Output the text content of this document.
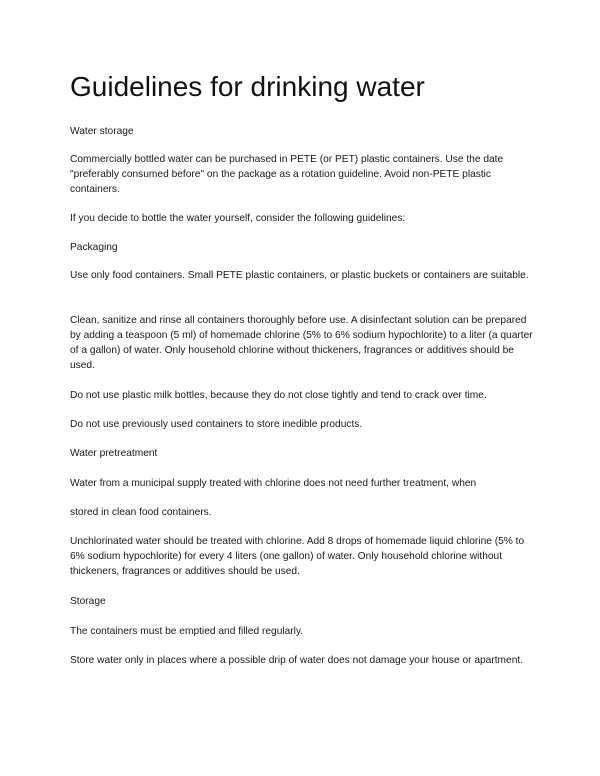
Guidelines for drinking water

Water storage

Commercially bottled water can be purchased in PETE (or PET) plastic containers. Use the date "preferably consumed before" on the package as a rotation guideline. Avoid non-PETE plastic containers.

If you decide to bottle the water yourself, consider the following guidelines:

Packaging

Use only food containers. Small PETE plastic containers, or plastic buckets or containers are suitable.

Clean, sanitize and rinse all containers thoroughly before use. A disinfectant solution can be prepared by adding a teaspoon (5 ml) of homemade chlorine (5% to 6% sodium hypochlorite) to a liter (a quarter of a gallon) of water. Only household chlorine without thickeners, fragrances or additives should be used.

Do not use plastic milk bottles, because they do not close tightly and tend to crack over time.

Do not use previously used containers to store inedible products.

Water pretreatment

Water from a municipal supply treated with chlorine does not need further treatment, when

stored in clean food containers.

Unchlorinated water should be treated with chlorine. Add 8 drops of homemade liquid chlorine (5% to 6% sodium hypochlorite) for every 4 liters (one gallon) of water. Only household chlorine without thickeners, fragrances or additives should be used.

Storage

The containers must be emptied and filled regularly.

Store water only in places where a possible drip of water does not damage your house or apartment.
